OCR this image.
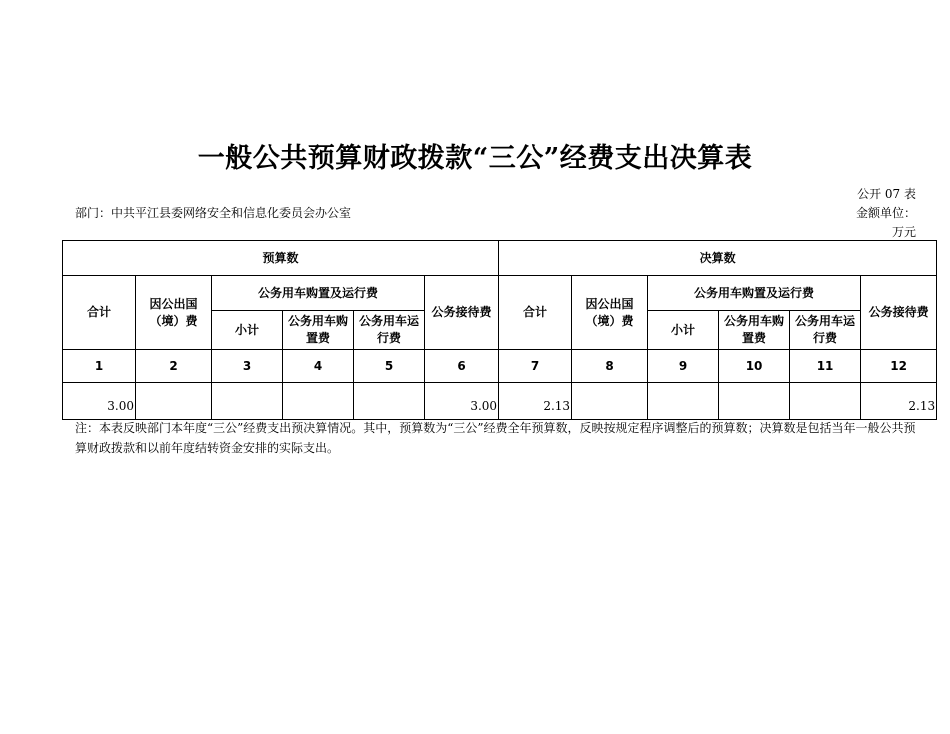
一般公共预算财政拨款“三公”经费支出决算表
公开 07 表
部门：中共平江县委网络安全和信息化委员会办公室	金额单位：
万元
预算数						决算数					
合计	因公出国（境）费	公务用车购置及运行费			公务接待费	合计	因公出国（境）费	公务用车购置及运行费			公务接待费
		小计	公务用车购置费	公务用车运行费				小计	公务用车购置费	公务用车运行费	
1	2	3	4	5	6	7	8	9	10	11	12
3.00					3.00	2.13					2.13
注：本表反映部门本年度“三公”经费支出预决算情况。其中，预算数为“三公”经费全年预算数，反映按规定程序调整后的预算数；决算数是包括当年一般公共预算财政拨款和以前年度结转资金安排的实际支出。
